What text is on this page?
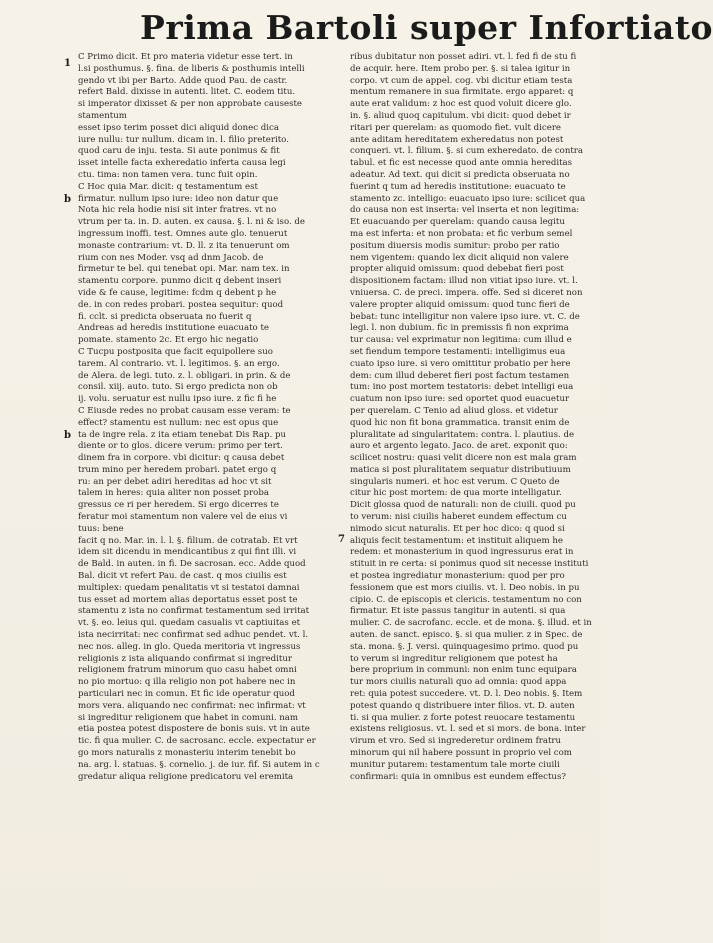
Prima Bartoli super Infortiato
1
b
b
7
C Primo dicit. Et pro materia videtur esse tert. in
l.si posthumus. §. fina. de liberis & posthumis intelli
gendo vt ibi per Barto. Adde quod Pau. de castr.
refert Bald. dixisse in autenti. litet. C. eodem titu.
si imperator dixisset & per non approbate causeste
stamentum
esset ipso terim posset dici aliquid donec dica
iure nullu: tur nullum. dicam in. l. filio preterito.
quod caru de inju. testa. Si aute ponimus & fit
isset intelle facta exheredatio inferta causa legi
ctu. tima: non tamen vera. tunc fuit opin.
C Hoc quia Mar. dicit: q testamentum est
firmatur. nullum ipso iure: ideo non datur que
Nota hic rela hodie nisi sit inter fratres. vt no
vtrum per ta. in. D. auten. ex causa. §. l. ni & iso. de
ingressum inoffi. test. Omnes aute glo. tenuerut
monaste contrarium: vt. D. ll. z ita tenuerunt om
rium con nes Moder. vsq ad dnm Jacob. de
firmetur te bel. qui tenebat opi. Mar. nam tex. in
stamentu corpore. punmo dicit q debent inseri
vide & fe cause, legitime: fcdm q debent p he
de. in con redes probari. postea sequitur: quod
fi. cclt. si predicta obseruata no fuerit q
Andreas ad heredis institutione euacuato te
pomate. stamento 2c. Et ergo hic negatio
C Tucpu postposita que facit equipollere suo
tarem. Al contrario. vt. l. legitimos. §. an ergo.
de Alera. de legi. tuto. z. l. obligari. in prin. & de
consil. xiij. auto. tuto. Si ergo predicta non ob
ij. volu. seruatur est nullu ipso iure. z fic fi he
C Eiusde redes no probat causam esse veram: te
effect? stamentu est nullum: nec est opus que
ta de ingre rela. z ita etiam tenebat Dis Rap. pu
diente or to glos. dicere verum: primo per tert.
dinem fra in corpore. vbi dicitur: q causa debet
trum mino per heredem probari. patet ergo q
ru: an per debet adiri hereditas ad hoc vt sit
talem in heres: quia aliter non posset proba
gressus ce ri per heredem. Si ergo dicerres te
feratur moi stamentum non valere vel de eius vi
tuus: bene
facit q no. Mar. in. l. l. §. filium. de cotratab. Et vrt
idem sit dicendu in mendicantibus z qui fint illi. vi
de Bald. in auten. in fi. De sacrosan. ecc. Adde quod
Bal. dicit vt refert Pau. de cast. q mos ciuilis est
multiplex: quedam penalitatis vt si testatoi damnai
tus esset ad mortem alias deportatus esset post te
stamentu z ista no confirmat testamentum sed irritat
vt. §. eo. leius qui. quedam casualis vt captiuitas et
ista necirritat: nec confirmat sed adhuc pendet. vt. l.
nec nos. alleg. in glo. Queda meritoria vt ingressus
religionis z ista aliquando confirmat si ingreditur
religionem fratrum minorum quo casu habet omni
no pio mortuo: q illa religio non pot habere nec in
particulari nec in comun. Et fic ide operatur quod
mors vera. aliquando nec confirmat: nec infirmat: vt
si ingreditur religionem que habet in comuni. nam
etia postea potest dispostere de bonis suis. vt in aute
tic. fi qua mulier. C. de sacrosanc. eccle. expectatur er
go mors naturalis z monasteriu interim tenebit bo
na. arg. l. statuas. §. cornelio. j. de iur. fif. Si autem in c
gredatur aliqua religione predicatoru vel eremita
ribus dubitatur non posset adiri. vt. l. fed fi de stu fi
de acquir. here. Item probo per. §. si talea igitur in
corpo. vt cum de appel. cog. vbi dicitur etiam testa
mentum remanere in sua firmitate. ergo apparet: q
aute erat validum: z hoc est quod voluit dicere glo.
in. §. aliud quoq capitulum. vbi dicit: quod debet ir
ritari per querelam: as quomodo fiet. vult dicere
ante aditam hereditatem exheredatus non potest
conqueri. vt. l. filium. §. si cum exheredato. de contra
tabul. et fic est necesse quod ante omnia hereditas
adeatur. Ad text. qui dicit si predicta obseruata no
fuerint q tum ad heredis institutione: euacuato te
stamento zc. intelligo: euacuato ipso iure: scilicet qua
do causa non est inserta: vel inserta et non legitima:
Et euacuando per querelam: quando causa legitu
ma est inferta: et non probata: et fic verbum semel
positum diuersis modis sumitur: probo per ratio
nem vigentem: quando lex dicit aliquid non valere
propter aliquid omissum: quod debebat fieri post
dispositionem factam: illud non vitiat ipso iure. vt. l.
vniuersa. C. de preci. impera. offe. Sed si diceret non
valere propter aliquid omissum: quod tunc fieri de
bebat: tunc intelligitur non valere ipso iure. vt. C. de
legi. l. non dubium. fic in premissis fi non exprima
tur causa: vel exprimatur non legitima: cum illud e
set fiendum tempore testamenti: intelligimus eua
cuato ipso iure. si vero omittitur probatio per here
dem: cum illud deberet fieri post factum testamen
tum: ino post mortem testatoris: debet intelligi eua
cuatum non ipso iure: sed oportet quod euacuetur
per querelam. C Tenio ad aliud gloss. et videtur
quod hic non fit bona grammatica. transit enim de
pluralitate ad singularitatem: contra. l. plautius. de
auro et argento legato. Jaco. de aret. exponit quo:
scilicet nostru: quasi velit dicere non est mala gram
matica si post pluralitatem sequatur distributiuum
singularis numeri. et hoc est verum. C Queto de
citur hic post mortem: de qua morte intelligatur.
Dicit glossa quod de naturali: non de ciuili. quod pu
to verum: nisi ciuilis haberet eundem effectum cu
nimodo sicut naturalis. Et per hoc dico: q quod si
aliquis fecit testamentum: et instituit aliquem he
redem: et monasterium in quod ingressurus erat in
stituit in re certa: si ponimus quod sit necesse instituti
et postea ingrediatur monasterium: quod per pro
fessionem que est mors ciuilis. vt. l. Deo nobis. in pu
cipio. C. de episcopis et clericis. testamentum no con
firmatur. Et iste passus tangitur in autenti. si qua
mulier. C. de sacrofanc. eccle. et de mona. §. illud. et in
auten. de sanct. episco. §. si qua mulier. z in Spec. de
sta. mona. §. J. versi. quinquagesimo primo. quod pu
to verum si ingreditur religionem que potest ha
bere proprium in communi: non enim tunc equipara
tur mors ciuilis naturali quo ad omnia: quod appa
ret: quia potest succedere. vt. D. l. Deo nobis. §. Item
potest quando q distribuere inter filios. vt. D. auten
ti. si qua mulier. z forte potest reuocare testamentu
existens religiosus. vt. l. sed et si mors. de bona. inter
virum et vro. Sed si ingrederetur ordinem fratru
minorum qui nil habere possunt in proprio vel com
munitur putarem: testamentum tale morte ciuili
confirmari: quia in omnibus est eundem effectus?
